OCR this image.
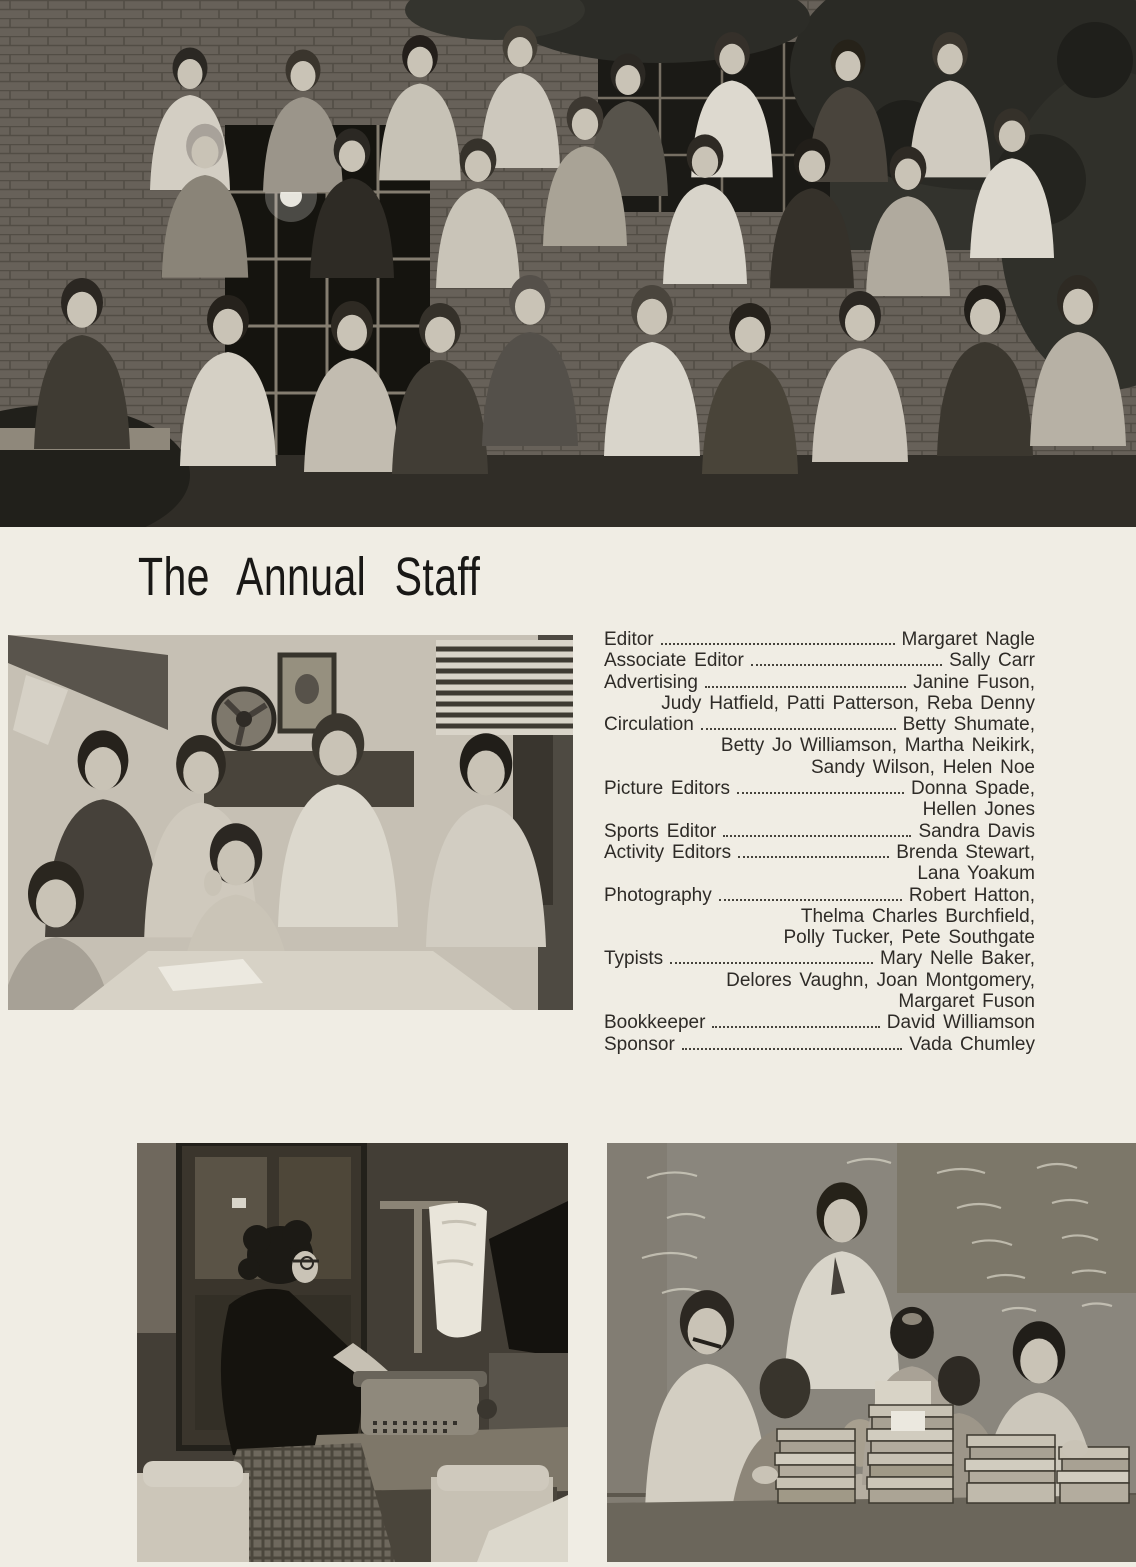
The Annual Staff
Editor	Margaret Nagle
Associate Editor	Sally Carr
Advertising	Janine Fuson,
Judy Hatfield, Patti Patterson, Reba Denny
Circulation	Betty Shumate,
Betty Jo Williamson, Martha Neikirk,
Sandy Wilson, Helen Noe
Picture Editors	Donna Spade,
Hellen Jones
Sports Editor	Sandra Davis
Activity Editors	Brenda Stewart,
Lana Yoakum
Photography	Robert Hatton,
Thelma Charles Burchfield,
Polly Tucker, Pete Southgate
Typists	Mary Nelle Baker,
Delores Vaughn, Joan Montgomery,
Margaret Fuson
Bookkeeper	David Williamson
Sponsor	Vada Chumley
